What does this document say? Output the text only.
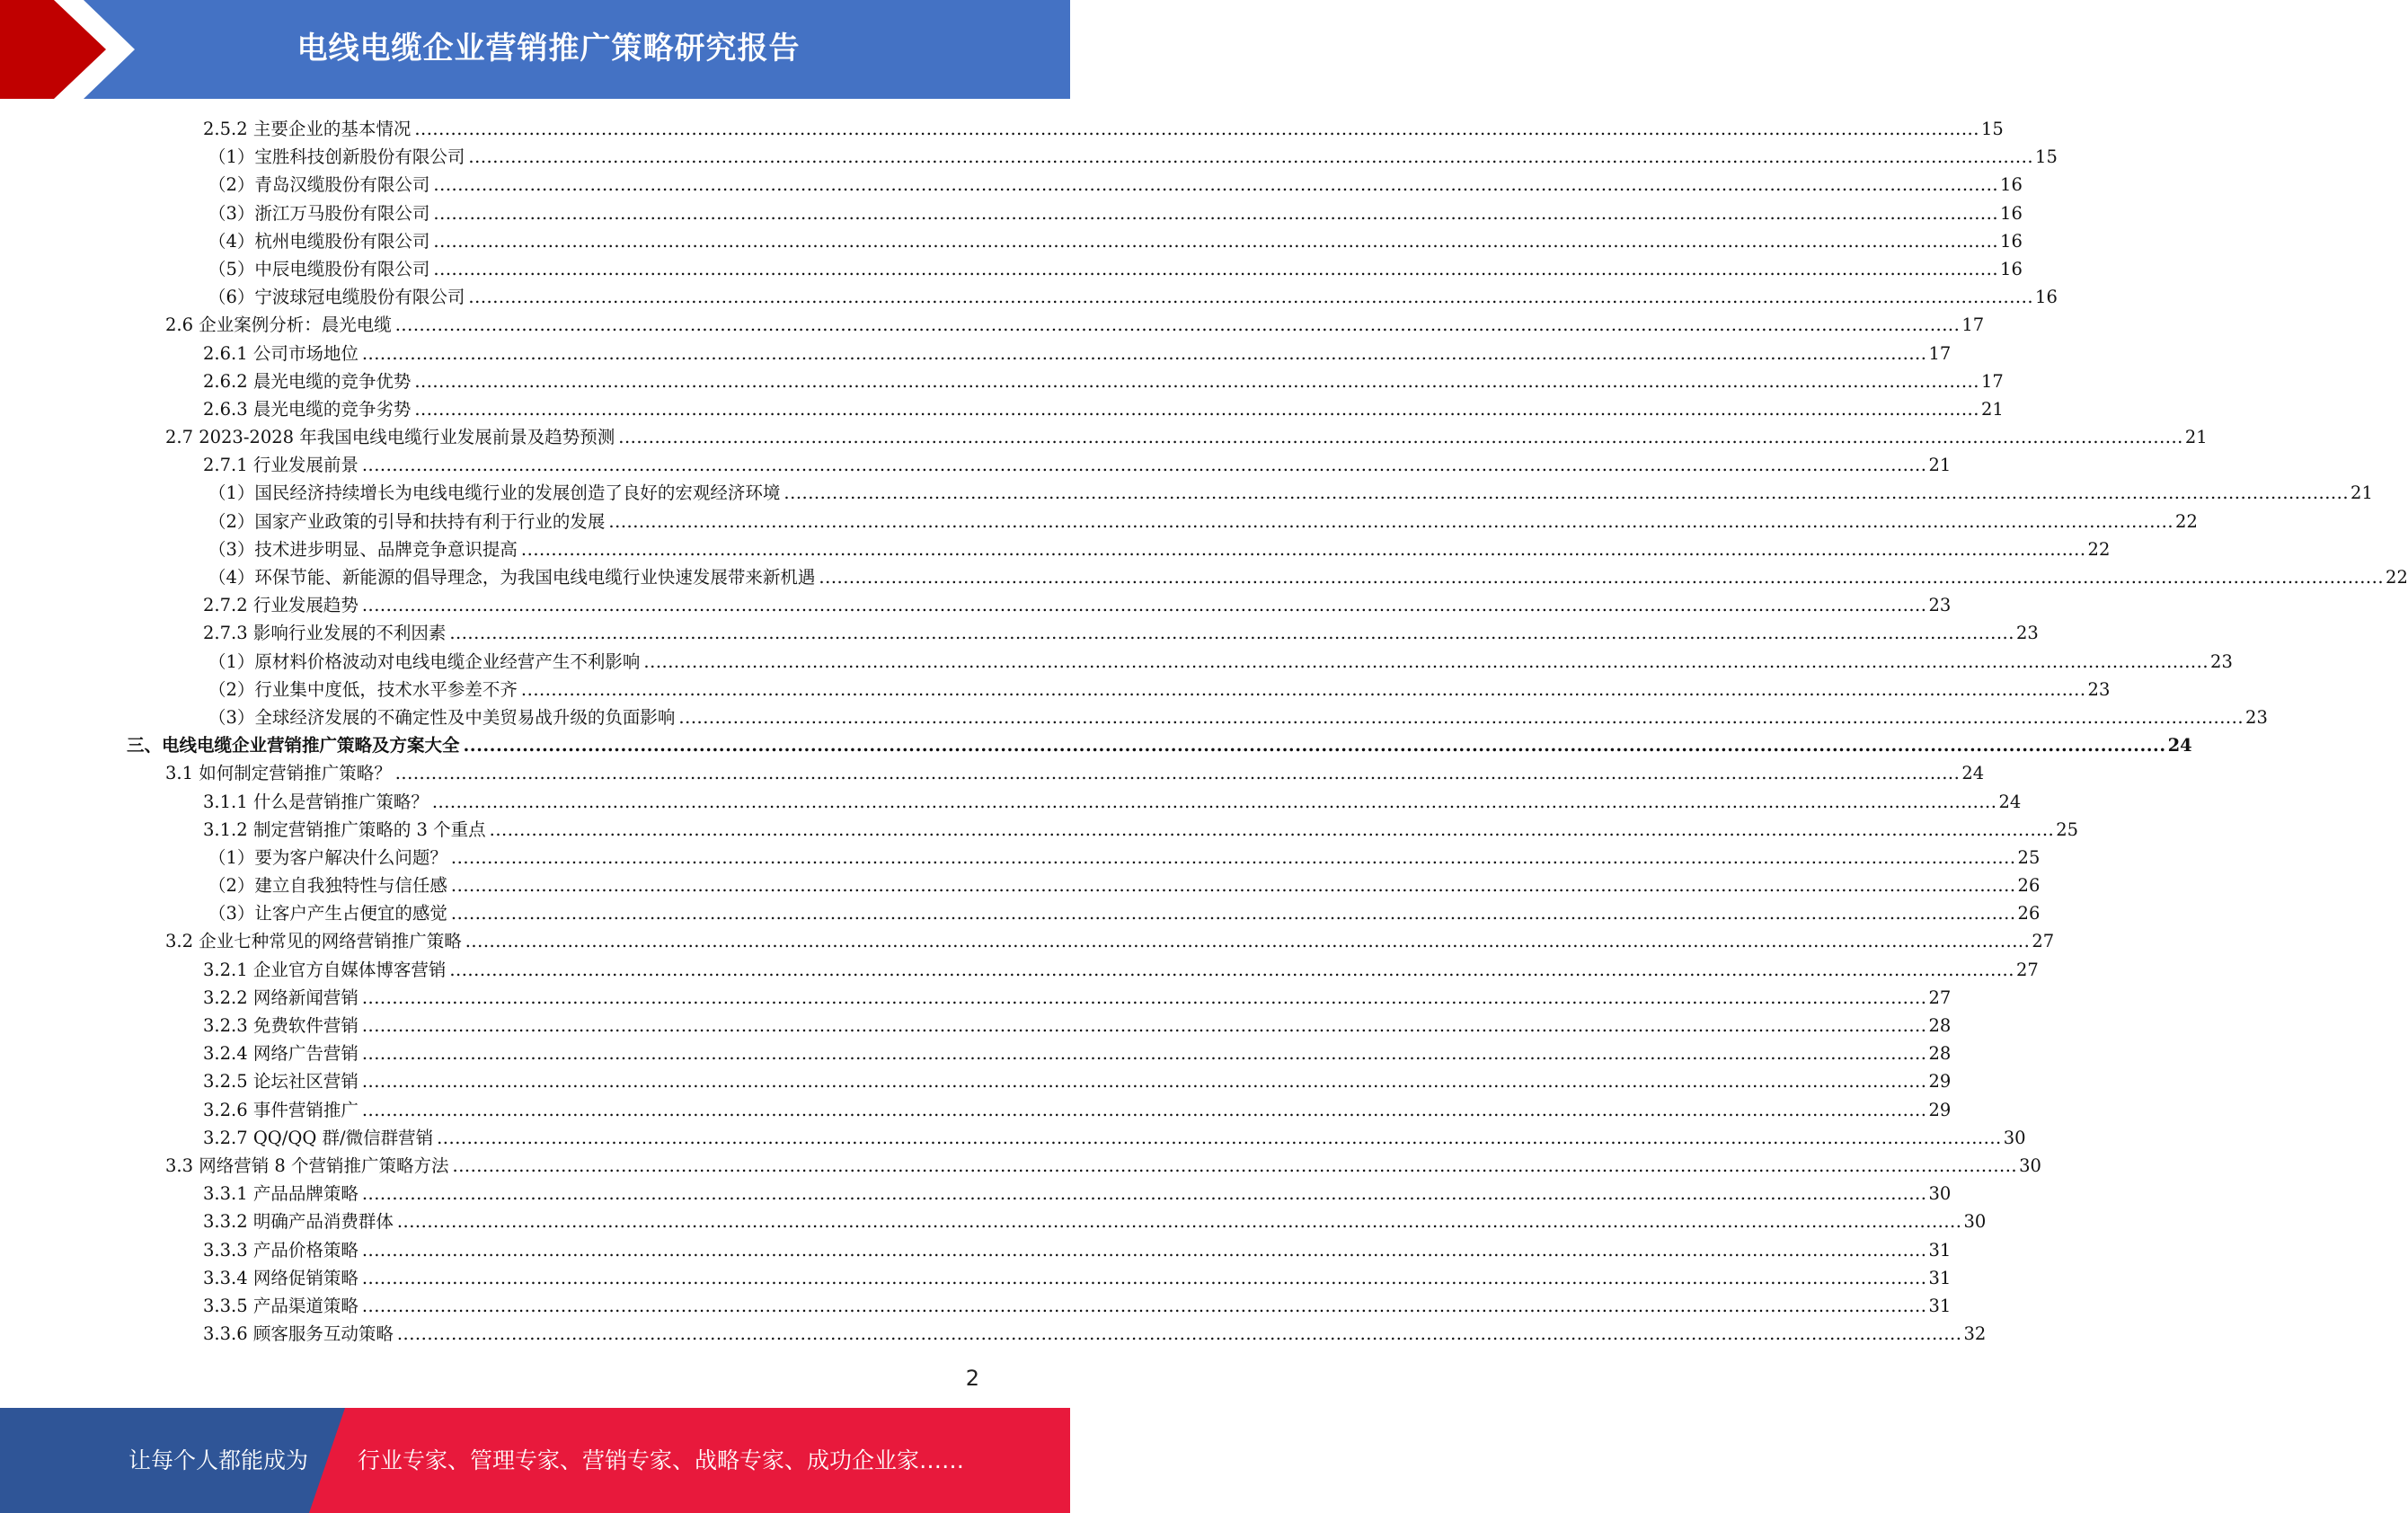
电线电缆企业营销推广策略研究报告
2.5.2 主要企业的基本情况 .................................................................................................................................................................................................................................................................... 15
（1）宝胜科技创新股份有限公司 .................................................................................................................................................................................................................................................................... 15
（2）青岛汉缆股份有限公司 .................................................................................................................................................................................................................................................................... 16
（3）浙江万马股份有限公司 .................................................................................................................................................................................................................................................................... 16
（4）杭州电缆股份有限公司 .................................................................................................................................................................................................................................................................... 16
（5）中辰电缆股份有限公司 .................................................................................................................................................................................................................................................................... 16
（6）宁波球冠电缆股份有限公司 .................................................................................................................................................................................................................................................................... 16
2.6 企业案例分析：晨光电缆 .................................................................................................................................................................................................................................................................... 17
2.6.1 公司市场地位 .................................................................................................................................................................................................................................................................... 17
2.6.2 晨光电缆的竞争优势 .................................................................................................................................................................................................................................................................... 17
2.6.3 晨光电缆的竞争劣势 .................................................................................................................................................................................................................................................................... 21
2.7 2023-2028 年我国电线电缆行业发展前景及趋势预测 .................................................................................................................................................................................................................................................................... 21
2.7.1 行业发展前景 .................................................................................................................................................................................................................................................................... 21
（1）国民经济持续增长为电线电缆行业的发展创造了良好的宏观经济环境 .................................................................................................................................................................................................................................................................... 21
（2）国家产业政策的引导和扶持有利于行业的发展 .................................................................................................................................................................................................................................................................... 22
（3）技术进步明显、品牌竞争意识提高 .................................................................................................................................................................................................................................................................... 22
（4）环保节能、新能源的倡导理念，为我国电线电缆行业快速发展带来新机遇 .................................................................................................................................................................................................................................................................... 22
2.7.2 行业发展趋势 .................................................................................................................................................................................................................................................................... 23
2.7.3 影响行业发展的不利因素 .................................................................................................................................................................................................................................................................... 23
（1）原材料价格波动对电线电缆企业经营产生不利影响 .................................................................................................................................................................................................................................................................... 23
（2）行业集中度低，技术水平参差不齐 .................................................................................................................................................................................................................................................................... 23
（3）全球经济发展的不确定性及中美贸易战升级的负面影响 .................................................................................................................................................................................................................................................................... 23
三、电线电缆企业营销推广策略及方案大全 .................................................................................................................................................................................................................................................................... 24
3.1 如何制定营销推广策略？ .................................................................................................................................................................................................................................................................... 24
3.1.1 什么是营销推广策略？ .................................................................................................................................................................................................................................................................... 24
3.1.2 制定营销推广策略的 3 个重点 .................................................................................................................................................................................................................................................................... 25
（1）要为客户解决什么问题？ .................................................................................................................................................................................................................................................................... 25
（2）建立自我独特性与信任感 .................................................................................................................................................................................................................................................................... 26
（3）让客户产生占便宜的感觉 .................................................................................................................................................................................................................................................................... 26
3.2 企业七种常见的网络营销推广策略 .................................................................................................................................................................................................................................................................... 27
3.2.1 企业官方自媒体博客营销 .................................................................................................................................................................................................................................................................... 27
3.2.2 网络新闻营销 .................................................................................................................................................................................................................................................................... 27
3.2.3 免费软件营销 .................................................................................................................................................................................................................................................................... 28
3.2.4 网络广告营销 .................................................................................................................................................................................................................................................................... 28
3.2.5 论坛社区营销 .................................................................................................................................................................................................................................................................... 29
3.2.6 事件营销推广 .................................................................................................................................................................................................................................................................... 29
3.2.7 QQ/QQ 群/微信群营销 .................................................................................................................................................................................................................................................................... 30
3.3 网络营销 8 个营销推广策略方法 .................................................................................................................................................................................................................................................................... 30
3.3.1 产品品牌策略 .................................................................................................................................................................................................................................................................... 30
3.3.2 明确产品消费群体 .................................................................................................................................................................................................................................................................... 30
3.3.3 产品价格策略 .................................................................................................................................................................................................................................................................... 31
3.3.4 网络促销策略 .................................................................................................................................................................................................................................................................... 31
3.3.5 产品渠道策略 .................................................................................................................................................................................................................................................................... 31
3.3.6 顾客服务互动策略 .................................................................................................................................................................................................................................................................... 32
2
让每个人都能成为 行业专家、管理专家、营销专家、战略专家、成功企业家……
